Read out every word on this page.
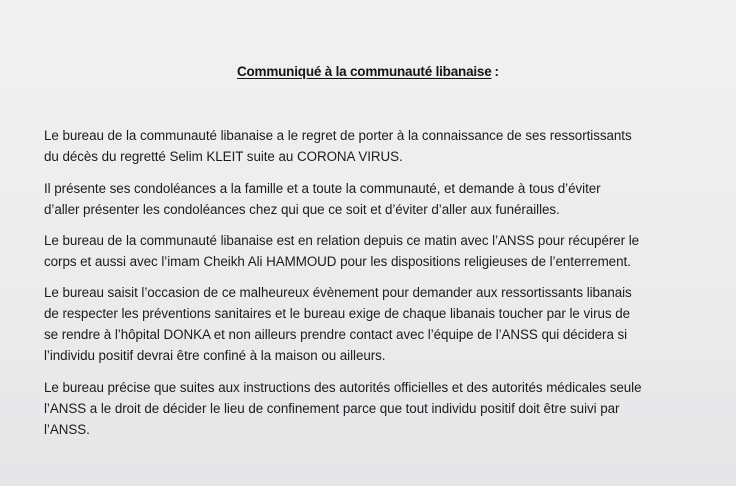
Communiqué à la communauté libanaise :
Le bureau de la communauté libanaise a le regret de porter à la connaissance de ses ressortissants
du décès du regretté Selim KLEIT suite au CORONA VIRUS.
Il présente ses condoléances a la famille et a toute la communauté, et demande à tous d’éviter
d’aller présenter les condoléances chez qui que ce soit et d’éviter d’aller aux funérailles.
Le bureau de la communauté libanaise est en relation depuis ce matin avec l’ANSS pour récupérer le
corps et aussi avec l’imam Cheikh Ali HAMMOUD pour les dispositions religieuses de l’enterrement.
Le bureau saisit l’occasion de ce malheureux évènement pour demander aux ressortissants libanais
de respecter les préventions sanitaires et le bureau exige de chaque libanais toucher par le virus de
se rendre à l’hôpital DONKA et non ailleurs prendre contact avec l’équipe de l’ANSS qui décidera si
l’individu positif devrai être confiné à la maison ou ailleurs.
Le bureau précise que suites aux instructions des autorités officielles et des autorités médicales seule
l’ANSS a le droit de décider le lieu de confinement parce que tout individu positif doit être suivi par
l’ANSS.
